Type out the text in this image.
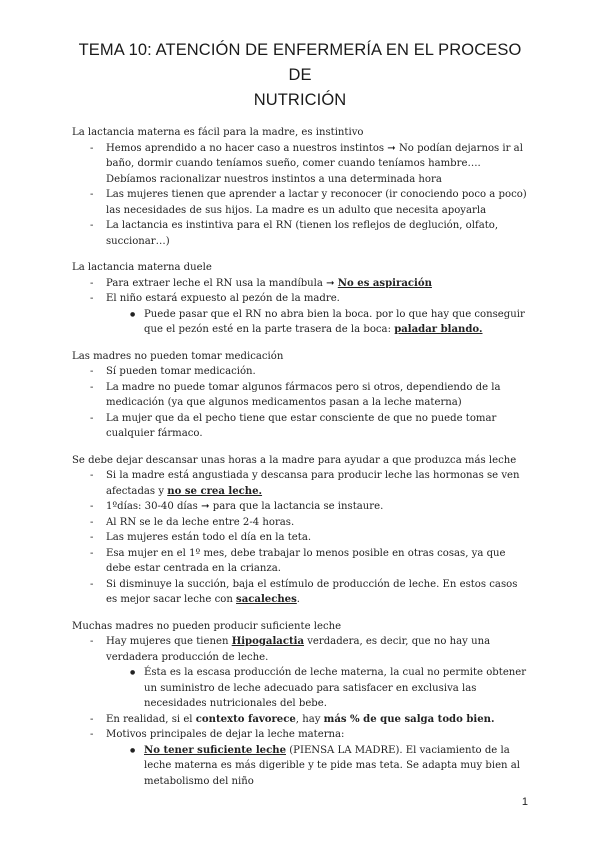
TEMA 10: ATENCIÓN DE ENFERMERÍA EN EL PROCESO DE
NUTRICIÓN

La lactancia materna es fácil para la madre, es instintivo

- Hemos aprendido a no hacer caso a nuestros instintos ➞ No podían dejarnos ir al baño, dormir cuando teníamos sueño, comer cuando teníamos hambre…. Debíamos racionalizar nuestros instintos a una determinada hora
- Las mujeres tienen que aprender a lactar y reconocer (ir conociendo poco a poco) las necesidades de sus hijos. La madre es un adulto que necesita apoyarla
- La lactancia es instintiva para el RN (tienen los reflejos de deglución, olfato, succionar…)

La lactancia materna duele

- Para extraer leche el RN usa la mandíbula ➞ No es aspiración
- El niño estará expuesto al pezón de la madre.
● Puede pasar que el RN no abra bien la boca. por lo que hay que conseguir que el pezón esté en la parte trasera de la boca: paladar blando.

Las madres no pueden tomar medicación

- Sí pueden tomar medicación.
- La madre no puede tomar algunos fármacos pero si otros, dependiendo de la medicación (ya que algunos medicamentos pasan a la leche materna)
- La mujer que da el pecho tiene que estar consciente de que no puede tomar cualquier fármaco.

Se debe dejar descansar unas horas a la madre para ayudar a que produzca más leche

- Si la madre está angustiada y descansa para producir leche las hormonas se ven afectadas y no se crea leche.
- 1ºdías: 30-40 días ➞ para que la lactancia se instaure.
- Al RN se le da leche entre 2-4 horas.
- Las mujeres están todo el día en la teta.
- Esa mujer en el 1º mes, debe trabajar lo menos posible en otras cosas, ya que debe estar centrada en la crianza.
- Si disminuye la succión, baja el estímulo de producción de leche. En estos casos es mejor sacar leche con sacaleches.

Muchas madres no pueden producir suficiente leche

- Hay mujeres que tienen Hipogalactia verdadera, es decir, que no hay una verdadera producción de leche.
● Ésta es la escasa producción de leche materna, la cual no permite obtener un suministro de leche adecuado para satisfacer en exclusiva las necesidades nutricionales del bebe.
- En realidad, si el contexto favorece, hay más % de que salga todo bien.
- Motivos principales de dejar la leche materna:
● No tener suficiente leche (PIENSA LA MADRE). El vaciamiento de la leche materna es más digerible y te pide mas teta. Se adapta muy bien al metabolismo del niño
1
